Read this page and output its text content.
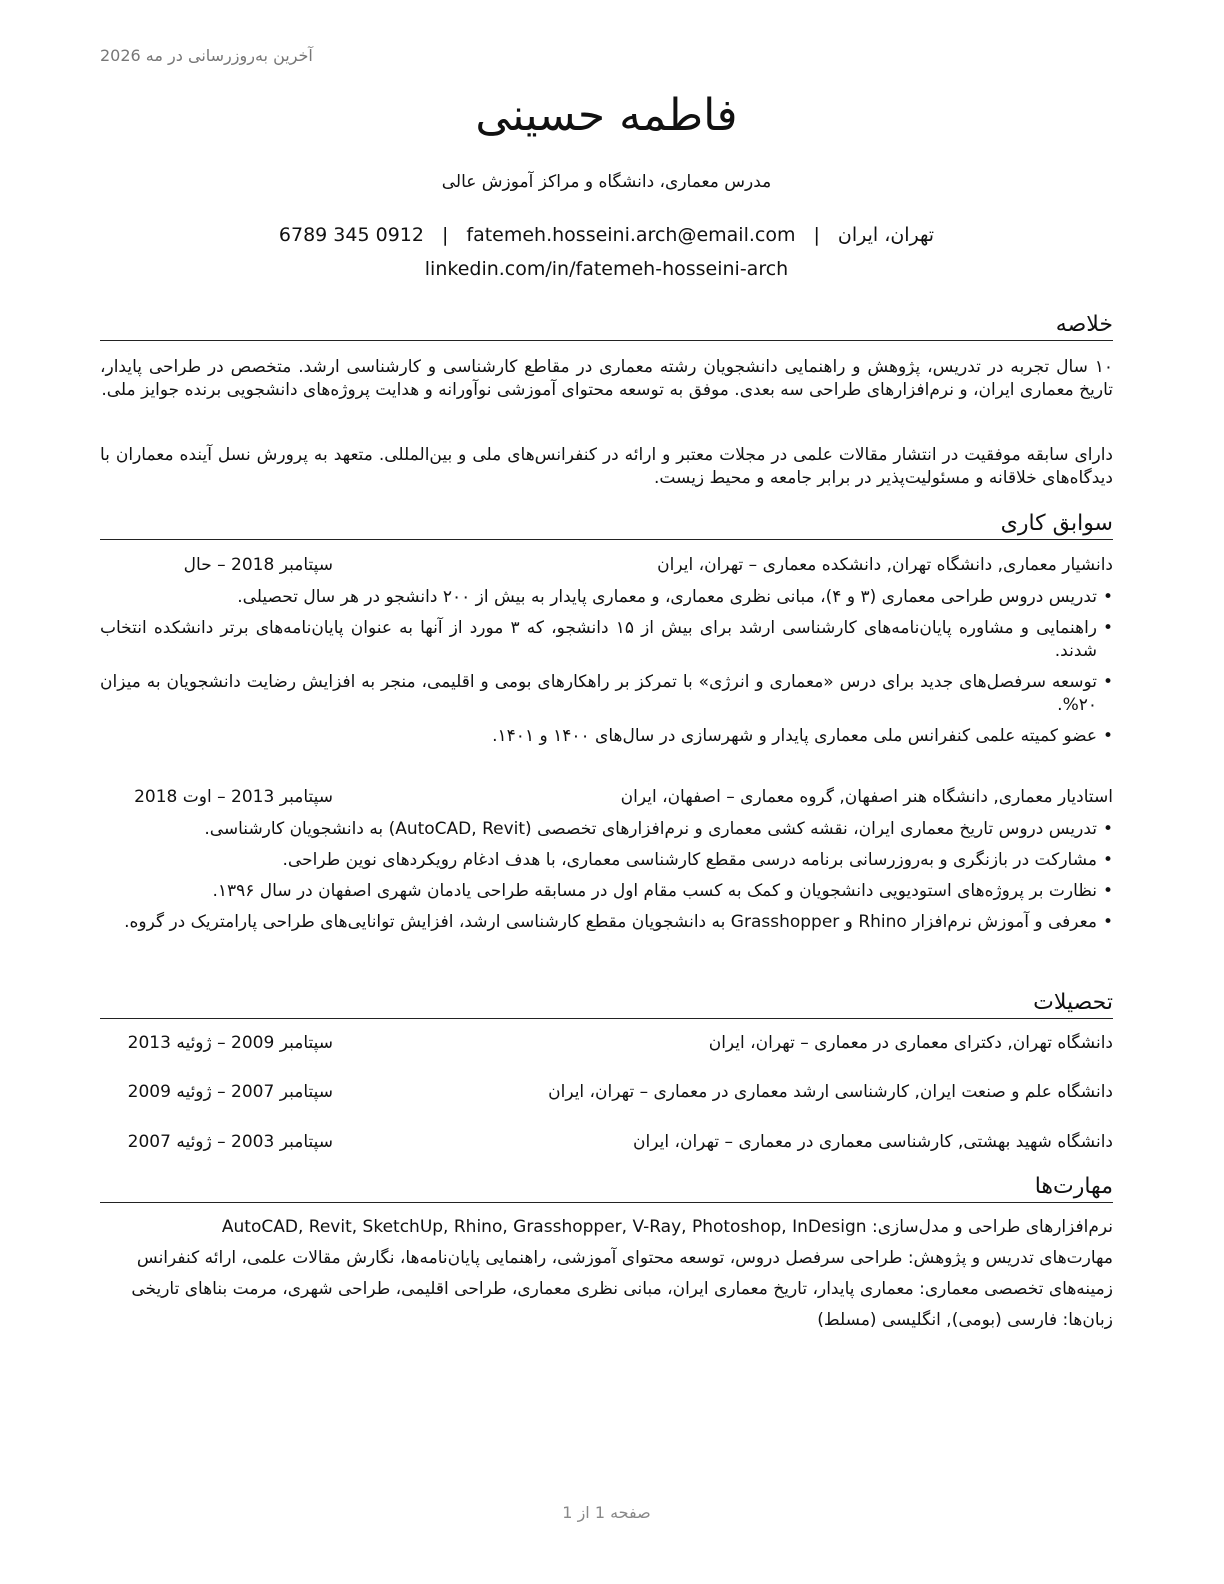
آخرین به‌روزرسانی در مه 2026
فاطمه حسینی
مدرس معماری، دانشگاه و مراکز آموزش عالی
تهران، ایران|fatemeh.hosseini.arch@email.com|0912 345 6789
linkedin.com/in/fatemeh-hosseini-arch
خلاصه

۱۰ سال تجربه در تدریس، پژوهش و راهنمایی دانشجویان رشته معماری در مقاطع کارشناسی و کارشناسی ارشد. متخصص در طراحی پایدار، تاریخ معماری ایران، و نرم‌افزارهای طراحی سه بعدی. موفق به توسعه محتوای آموزشی نوآورانه و هدایت پروژه‌های دانشجویی برنده جوایز ملی.

دارای سابقه موفقیت در انتشار مقالات علمی در مجلات معتبر و ارائه در کنفرانس‌های ملی و بین‌المللی. متعهد به پرورش نسل آینده معماران با دیدگاه‌های خلاقانه و مسئولیت‌پذیر در برابر جامعه و محیط زیست.

سوابق کاری
دانشیار معماری, دانشگاه تهران, دانشکده معماری – تهران، ایران
سپتامبر 2018 – حال
• تدریس دروس طراحی معماری (۳ و ۴)، مبانی نظری معماری، و معماری پایدار به بیش از ۲۰۰ دانشجو در هر سال تحصیلی.
• راهنمایی و مشاوره پایان‌نامه‌های کارشناسی ارشد برای بیش از ۱۵ دانشجو، که ۳ مورد از آنها به عنوان پایان‌نامه‌های برتر دانشکده انتخاب شدند.
• توسعه سرفصل‌های جدید برای درس «معماری و انرژی» با تمرکز بر راهکارهای بومی و اقلیمی، منجر به افزایش رضایت دانشجویان به میزان ۲۰%.
• عضو کمیته علمی کنفرانس ملی معماری پایدار و شهرسازی در سال‌های ۱۴۰۰ و ۱۴۰۱.
استادیار معماری, دانشگاه هنر اصفهان, گروه معماری – اصفهان، ایران
سپتامبر 2013 – اوت 2018
• تدریس دروس تاریخ معماری ایران، نقشه کشی معماری و نرم‌افزارهای تخصصی (AutoCAD, Revit) به دانشجویان کارشناسی.
• مشارکت در بازنگری و به‌روزرسانی برنامه درسی مقطع کارشناسی معماری، با هدف ادغام رویکردهای نوین طراحی.
• نظارت بر پروژه‌های استودیویی دانشجویان و کمک به کسب مقام اول در مسابقه طراحی یادمان شهری اصفهان در سال ۱۳۹۶.
• معرفی و آموزش نرم‌افزار Rhino و Grasshopper به دانشجویان مقطع کارشناسی ارشد، افزایش توانایی‌های طراحی پارامتریک در گروه.
تحصیلات
دانشگاه تهران, دکترای معماری در معماری – تهران، ایران
سپتامبر 2009 – ژوئیه 2013
دانشگاه علم و صنعت ایران, کارشناسی ارشد معماری در معماری – تهران، ایران
سپتامبر 2007 – ژوئیه 2009
دانشگاه شهید بهشتی, کارشناسی معماری در معماری – تهران، ایران
سپتامبر 2003 – ژوئیه 2007
مهارت‌ها

نرم‌افزارهای طراحی و مدل‌سازی: AutoCAD, Revit, SketchUp, Rhino, Grasshopper, V-Ray, Photoshop, InDesign

مهارت‌های تدریس و پژوهش: طراحی سرفصل دروس، توسعه محتوای آموزشی، راهنمایی پایان‌نامه‌ها، نگارش مقالات علمی، ارائه کنفرانس

زمینه‌های تخصصی معماری: معماری پایدار، تاریخ معماری ایران، مبانی نظری معماری، طراحی اقلیمی، طراحی شهری، مرمت بناهای تاریخی

زبان‌ها: فارسی (بومی), انگلیسی (مسلط)

صفحه 1 از 1
